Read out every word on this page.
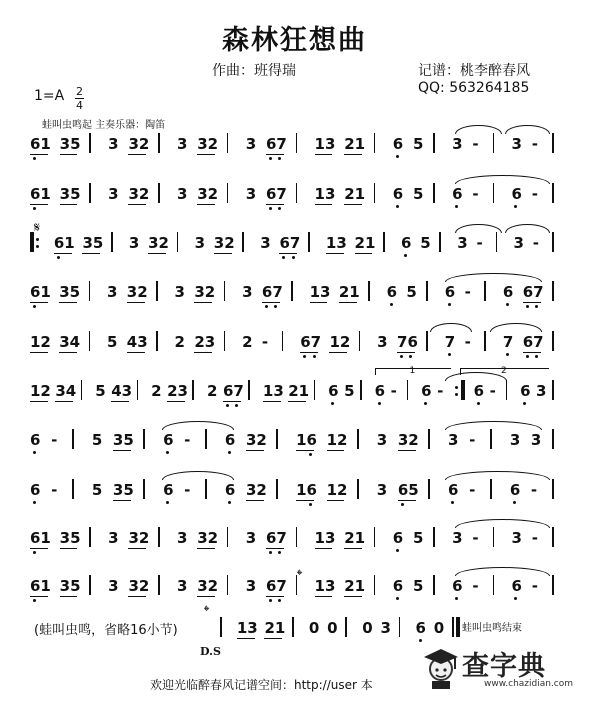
森林狂想曲
作曲：班得瑞	记谱：桃李醉春风
QQ: 563264185
1=A 2
4
蛙叫虫鸣起 主奏乐器：陶笛
𝄋
𝄌
𝄌
D.S
(蛙叫虫鸣，省略16小节)	蛙叫虫鸣结束
欢迎光临醉春风记谱空间：http://user 本
查字典
www.chazidian.com
61 35 3 32 3 32 3 67 13 21 6 5 3 - 3 -
61 35 3 32 3 32 3 67 13 21 6 5 6 - 6 -
61 35 3 32 3 32 3 67 13 21 6 5 3 - 3 -
61 35 3 32 3 32 3 67 13 21 6 5 6 - 6 67
12 34 5 43 2 23 2 - 67 12 3 76 7 - 7 67
12 34 5 43 2 23 2 67 13 21 6 5 6 - 6 - 6 - 6 3
6 - 5 35 6 - 6 32 16 12 3 32 3 - 3 3
6 - 5 35 6 - 6 32 16 12 3 65 6 - 6 -
61 35 3 32 3 32 3 67 13 21 6 5 3 - 3 -
61 35 3 32 3 32 3 67 13 21 6 5 6 - 6 -
13 21 0 0 0 3 6 0
1	2
